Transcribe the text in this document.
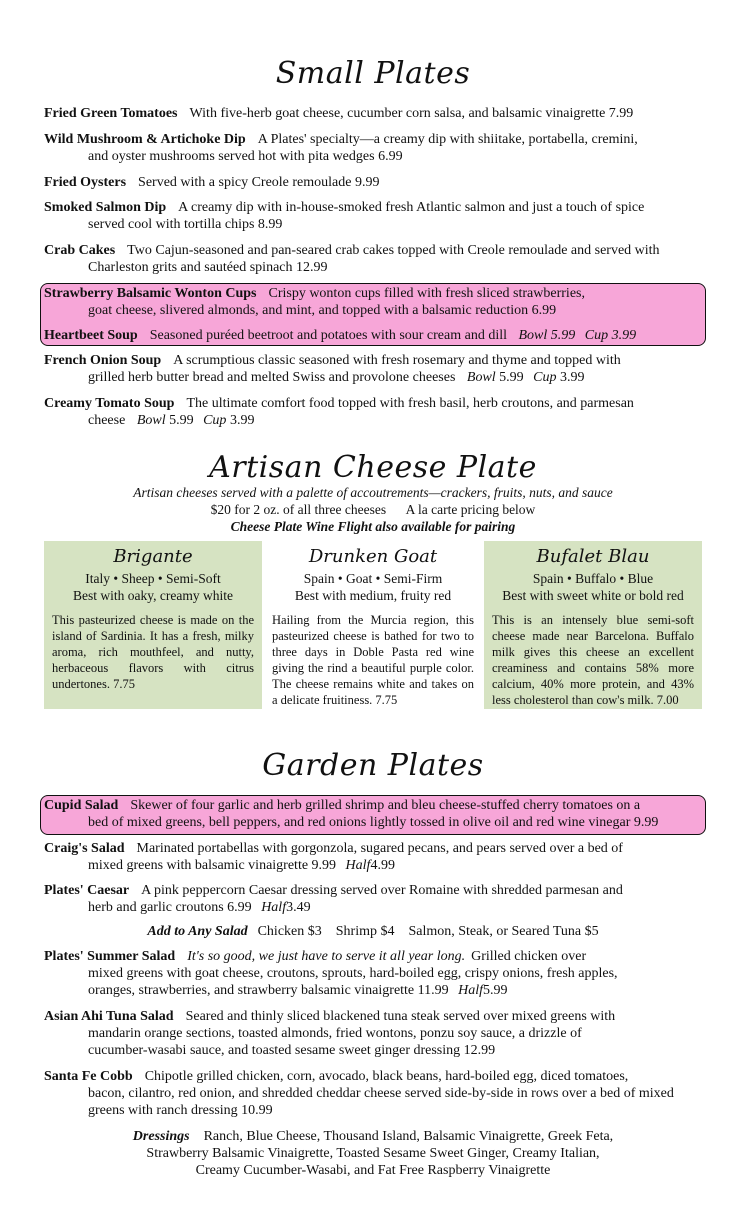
Small Plates
Fried Green Tomatoes With five-herb goat cheese, cucumber corn salsa, and balsamic vinaigrette 7.99
Wild Mushroom & Artichoke Dip A Plates' specialty—a creamy dip with shiitake, portabella, cremini,
and oyster mushrooms served hot with pita wedges 6.99
Fried Oysters Served with a spicy Creole remoulade 9.99
Smoked Salmon Dip A creamy dip with in-house-smoked fresh Atlantic salmon and just a touch of spice
served cool with tortilla chips 8.99
Crab Cakes Two Cajun-seasoned and pan-seared crab cakes topped with Creole remoulade and served with
Charleston grits and sautéed spinach 12.99
Strawberry Balsamic Wonton Cups Crispy wonton cups filled with fresh sliced strawberries,
goat cheese, slivered almonds, and mint, and topped with a balsamic reduction 6.99
Heartbeet Soup Seasoned puréed beetroot and potatoes with sour cream and dill Bowl 5.99 Cup 3.99
French Onion Soup A scrumptious classic seasoned with fresh rosemary and thyme and topped with
grilled herb butter bread and melted Swiss and provolone cheeses Bowl 5.99 Cup 3.99
Creamy Tomato Soup The ultimate comfort food topped with fresh basil, herb croutons, and parmesan
cheese Bowl 5.99 Cup 3.99
Artisan Cheese Plate
Artisan cheeses served with a palette of accoutrements—crackers, fruits, nuts, and sauce
$20 for 2 oz. of all three cheeses      A la carte pricing below
Cheese Plate Wine Flight also available for pairing
Brigante
Italy • Sheep • Semi-Soft
Best with oaky, creamy white
This pasteurized cheese is made on the island of Sardinia. It has a fresh, milky aroma, rich mouthfeel, and nutty, herbaceous flavors with citrus undertones. 7.75
Drunken Goat
Spain • Goat • Semi-Firm
Best with medium, fruity red
Hailing from the Murcia region, this pasteurized cheese is bathed for two to three days in Doble Pasta red wine giving the rind a beautiful purple color. The cheese remains white and takes on a delicate fruitiness. 7.75
Bufalet Blau
Spain • Buffalo • Blue
Best with sweet white or bold red
This is an intensely blue semi-soft cheese made near Barcelona. Buffalo milk gives this cheese an excellent creaminess and contains 58% more calcium, 40% more protein, and 43% less cholesterol than cow's milk. 7.00
Garden Plates
Cupid Salad Skewer of four garlic and herb grilled shrimp and bleu cheese-stuffed cherry tomatoes on a
bed of mixed greens, bell peppers, and red onions lightly tossed in olive oil and red wine vinegar 9.99
Craig's Salad Marinated portabellas with gorgonzola, sugared pecans, and pears served over a bed of
mixed greens with balsamic vinaigrette 9.99 Half4.99
Plates' Caesar A pink peppercorn Caesar dressing served over Romaine with shredded parmesan and
herb and garlic croutons 6.99 Half3.49
Add to Any Salad Chicken $3    Shrimp $4    Salmon, Steak, or Seared Tuna $5
Plates' Summer Salad It's so good, we just have to serve it all year long. Grilled chicken over
mixed greens with goat cheese, croutons, sprouts, hard-boiled egg, crispy onions, fresh apples,
oranges, strawberries, and strawberry balsamic vinaigrette 11.99 Half5.99
Asian Ahi Tuna Salad Seared and thinly sliced blackened tuna steak served over mixed greens with
mandarin orange sections, toasted almonds, fried wontons, ponzu soy sauce, a drizzle of
cucumber-wasabi sauce, and toasted sesame sweet ginger dressing 12.99
Santa Fe Cobb Chipotle grilled chicken, corn, avocado, black beans, hard-boiled egg, diced tomatoes,
bacon, cilantro, red onion, and shredded cheddar cheese served side-by-side in rows over a bed of mixed
greens with ranch dressing 10.99
Dressings Ranch, Blue Cheese, Thousand Island, Balsamic Vinaigrette, Greek Feta,
Strawberry Balsamic Vinaigrette, Toasted Sesame Sweet Ginger, Creamy Italian,
Creamy Cucumber-Wasabi, and Fat Free Raspberry Vinaigrette
